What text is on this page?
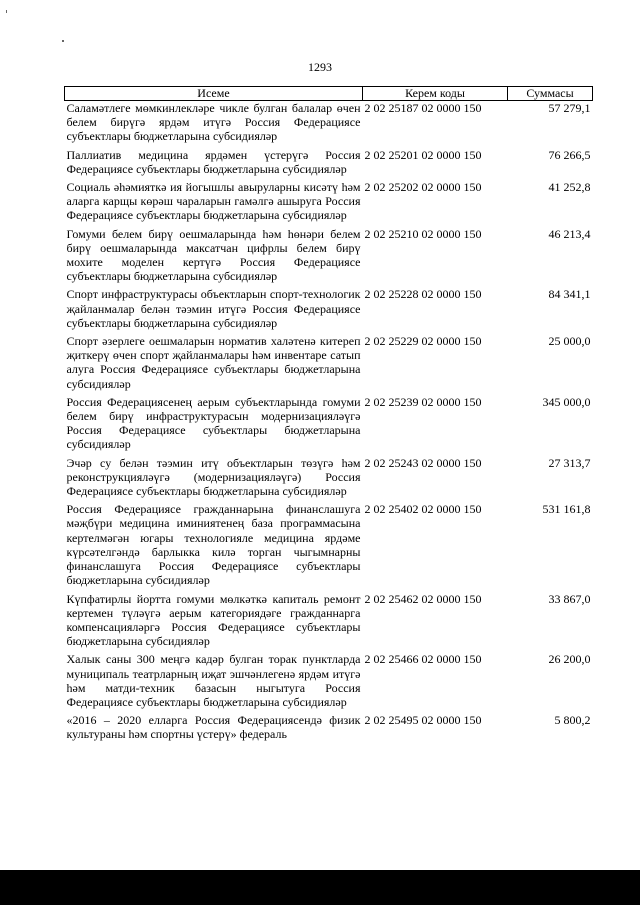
1293
Исеме	Керем коды	Суммасы
Саламәтлеге мөмкинлекләре чикле булган балалар өчен белем бирүгә ярдәм итүгә Россия Федерациясе субъектлары бюджетларына субсидияләр	2 02 25187 02 0000 150	57 279,1
Паллиатив медицина ярдәмен үстерүгә Россия Федерациясе субъектлары бюджетларына субсидияләр	2 02 25201 02 0000 150	76 266,5
Социаль әһәмияткә ия йогышлы авыруларны кисәтү һәм аларга карщы көрәш чараларын гамәлгә ашыруга Россия Федерациясе субъектлары бюджетларына субсидияләр	2 02 25202 02 0000 150	41 252,8
Гомуми белем бирү оешмаларында һәм һөнәри белем бирү оешмаларында максатчан цифрлы белем бирү мохите моделен кертүгә Россия Федерациясе субъектлары бюджетларына субсидияләр	2 02 25210 02 0000 150	46 213,4
Спорт инфраструктурасы объектларын спорт-технологик җайланмалар белән тәэмин итүгә Россия Федерациясе субъектлары бюджетларына субсидияләр	2 02 25228 02 0000 150	84 341,1
Спорт әзерлеге оешмаларын норматив халәтенә китереп җиткерү өчен спорт җайланмалары һәм инвентаре сатып алуга Россия Федерациясе субъектлары бюджетларына субсидияләр	2 02 25229 02 0000 150	25 000,0
Россия Федерациясенең аерым субъектларында гомуми белем бирү инфраструктурасын модернизацияләүгә Россия Федерациясе субъектлары бюджетларына субсидияләр	2 02 25239 02 0000 150	345 000,0
Эчәр су белән тәэмин итү объектларын төзүгә һәм реконструкцияләүгә (модернизацияләүгә) Россия Федерациясе субъектлары бюджетларына субсидияләр	2 02 25243 02 0000 150	27 313,7
Россия Федерациясе гражданнарына финанслашуга мәҗбүри медицина иминиятенең база программасына кертелмәгән югары технологияле медицина ярдәме күрсәтелгәндә барлыкка килә торган чыгымнарны финанслашуга Россия Федерациясе субъектлары бюджетларына субсидияләр	2 02 25402 02 0000 150	531 161,8
Күпфатирлы йортта гомуми мөлкәткә капиталь ремонт кертемен түләүгә аерым категориядәге гражданнарга компенсацияләргә Россия Федерациясе субъектлары бюджетларына субсидияләр	2 02 25462 02 0000 150	33 867,0
Халык саны 300 меңгә кадәр булган торак пунктларда муниципаль театрларның иҗат эшчәнлегенә ярдәм итүгә һәм матди-техник базасын ныгытуга Россия Федерациясе субъектлары бюджетларына субсидияләр	2 02 25466 02 0000 150	26 200,0
«2016 – 2020 елларга Россия Федерациясендә физик культураны һәм спортны үстерү» федераль	2 02 25495 02 0000 150	5 800,2
